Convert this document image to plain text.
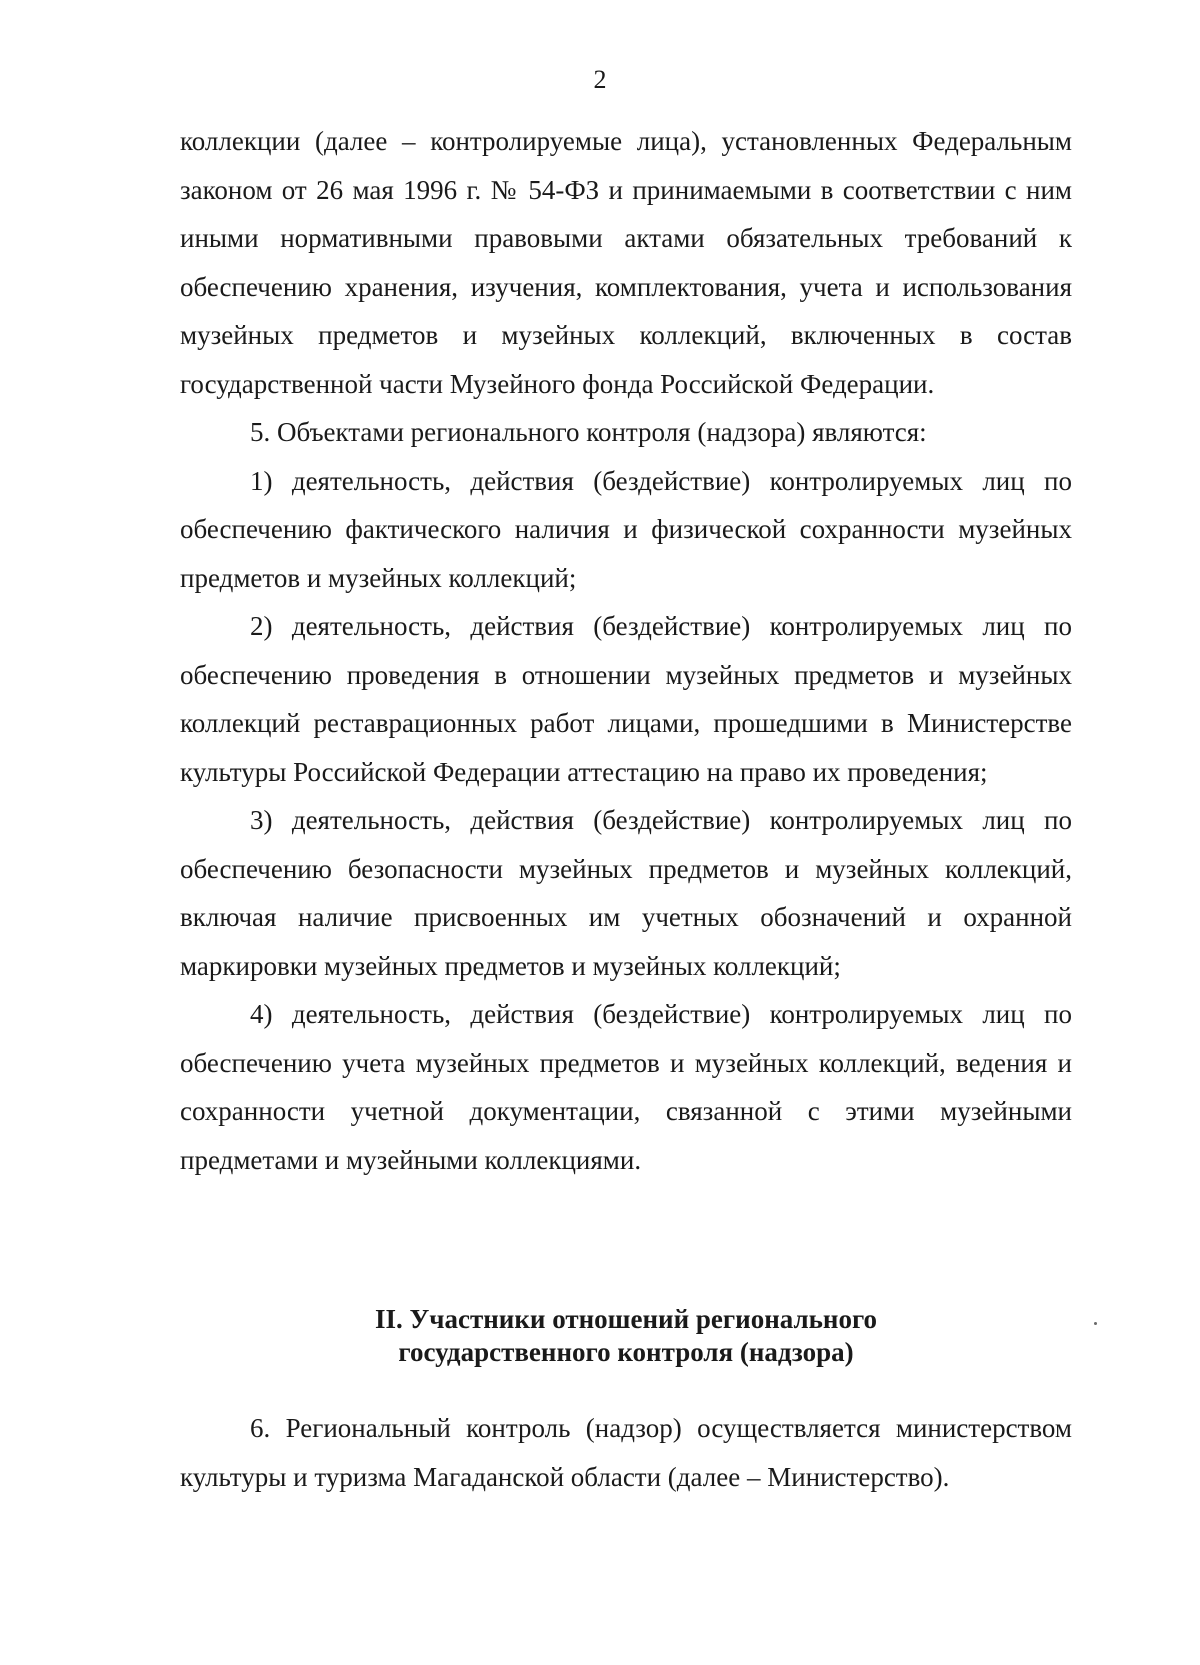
2

коллекции (далее – контролируемые лица), установленных Федеральным законом от 26 мая 1996 г. № 54-ФЗ и принимаемыми в соответствии с ним иными нормативными правовыми актами обязательных требований к обеспечению хранения, изучения, комплектования, учета и использования музейных предметов и музейных коллекций, включенных в состав государственной части Музейного фонда Российской Федерации.

5. Объектами регионального контроля (надзора) являются:

1) деятельность, действия (бездействие) контролируемых лиц по обеспечению фактического наличия и физической сохранности музейных предметов и музейных коллекций;

2) деятельность, действия (бездействие) контролируемых лиц по обеспечению проведения в отношении музейных предметов и музейных коллекций реставрационных работ лицами, прошедшими в Министерстве культуры Российской Федерации аттестацию на право их проведения;

3) деятельность, действия (бездействие) контролируемых лиц по обеспечению безопасности музейных предметов и музейных коллекций, включая наличие присвоенных им учетных обозначений и охранной маркировки музейных предметов и музейных коллекций;

4) деятельность, действия (бездействие) контролируемых лиц по обеспечению учета музейных предметов и музейных коллекций, ведения и сохранности учетной документации, связанной с этими музейными предметами и музейными коллекциями.

II. Участники отношений регионального
государственного контроля (надзора)

6. Региональный контроль (надзор) осуществляется министерством культуры и туризма Магаданской области (далее – Министерство).
